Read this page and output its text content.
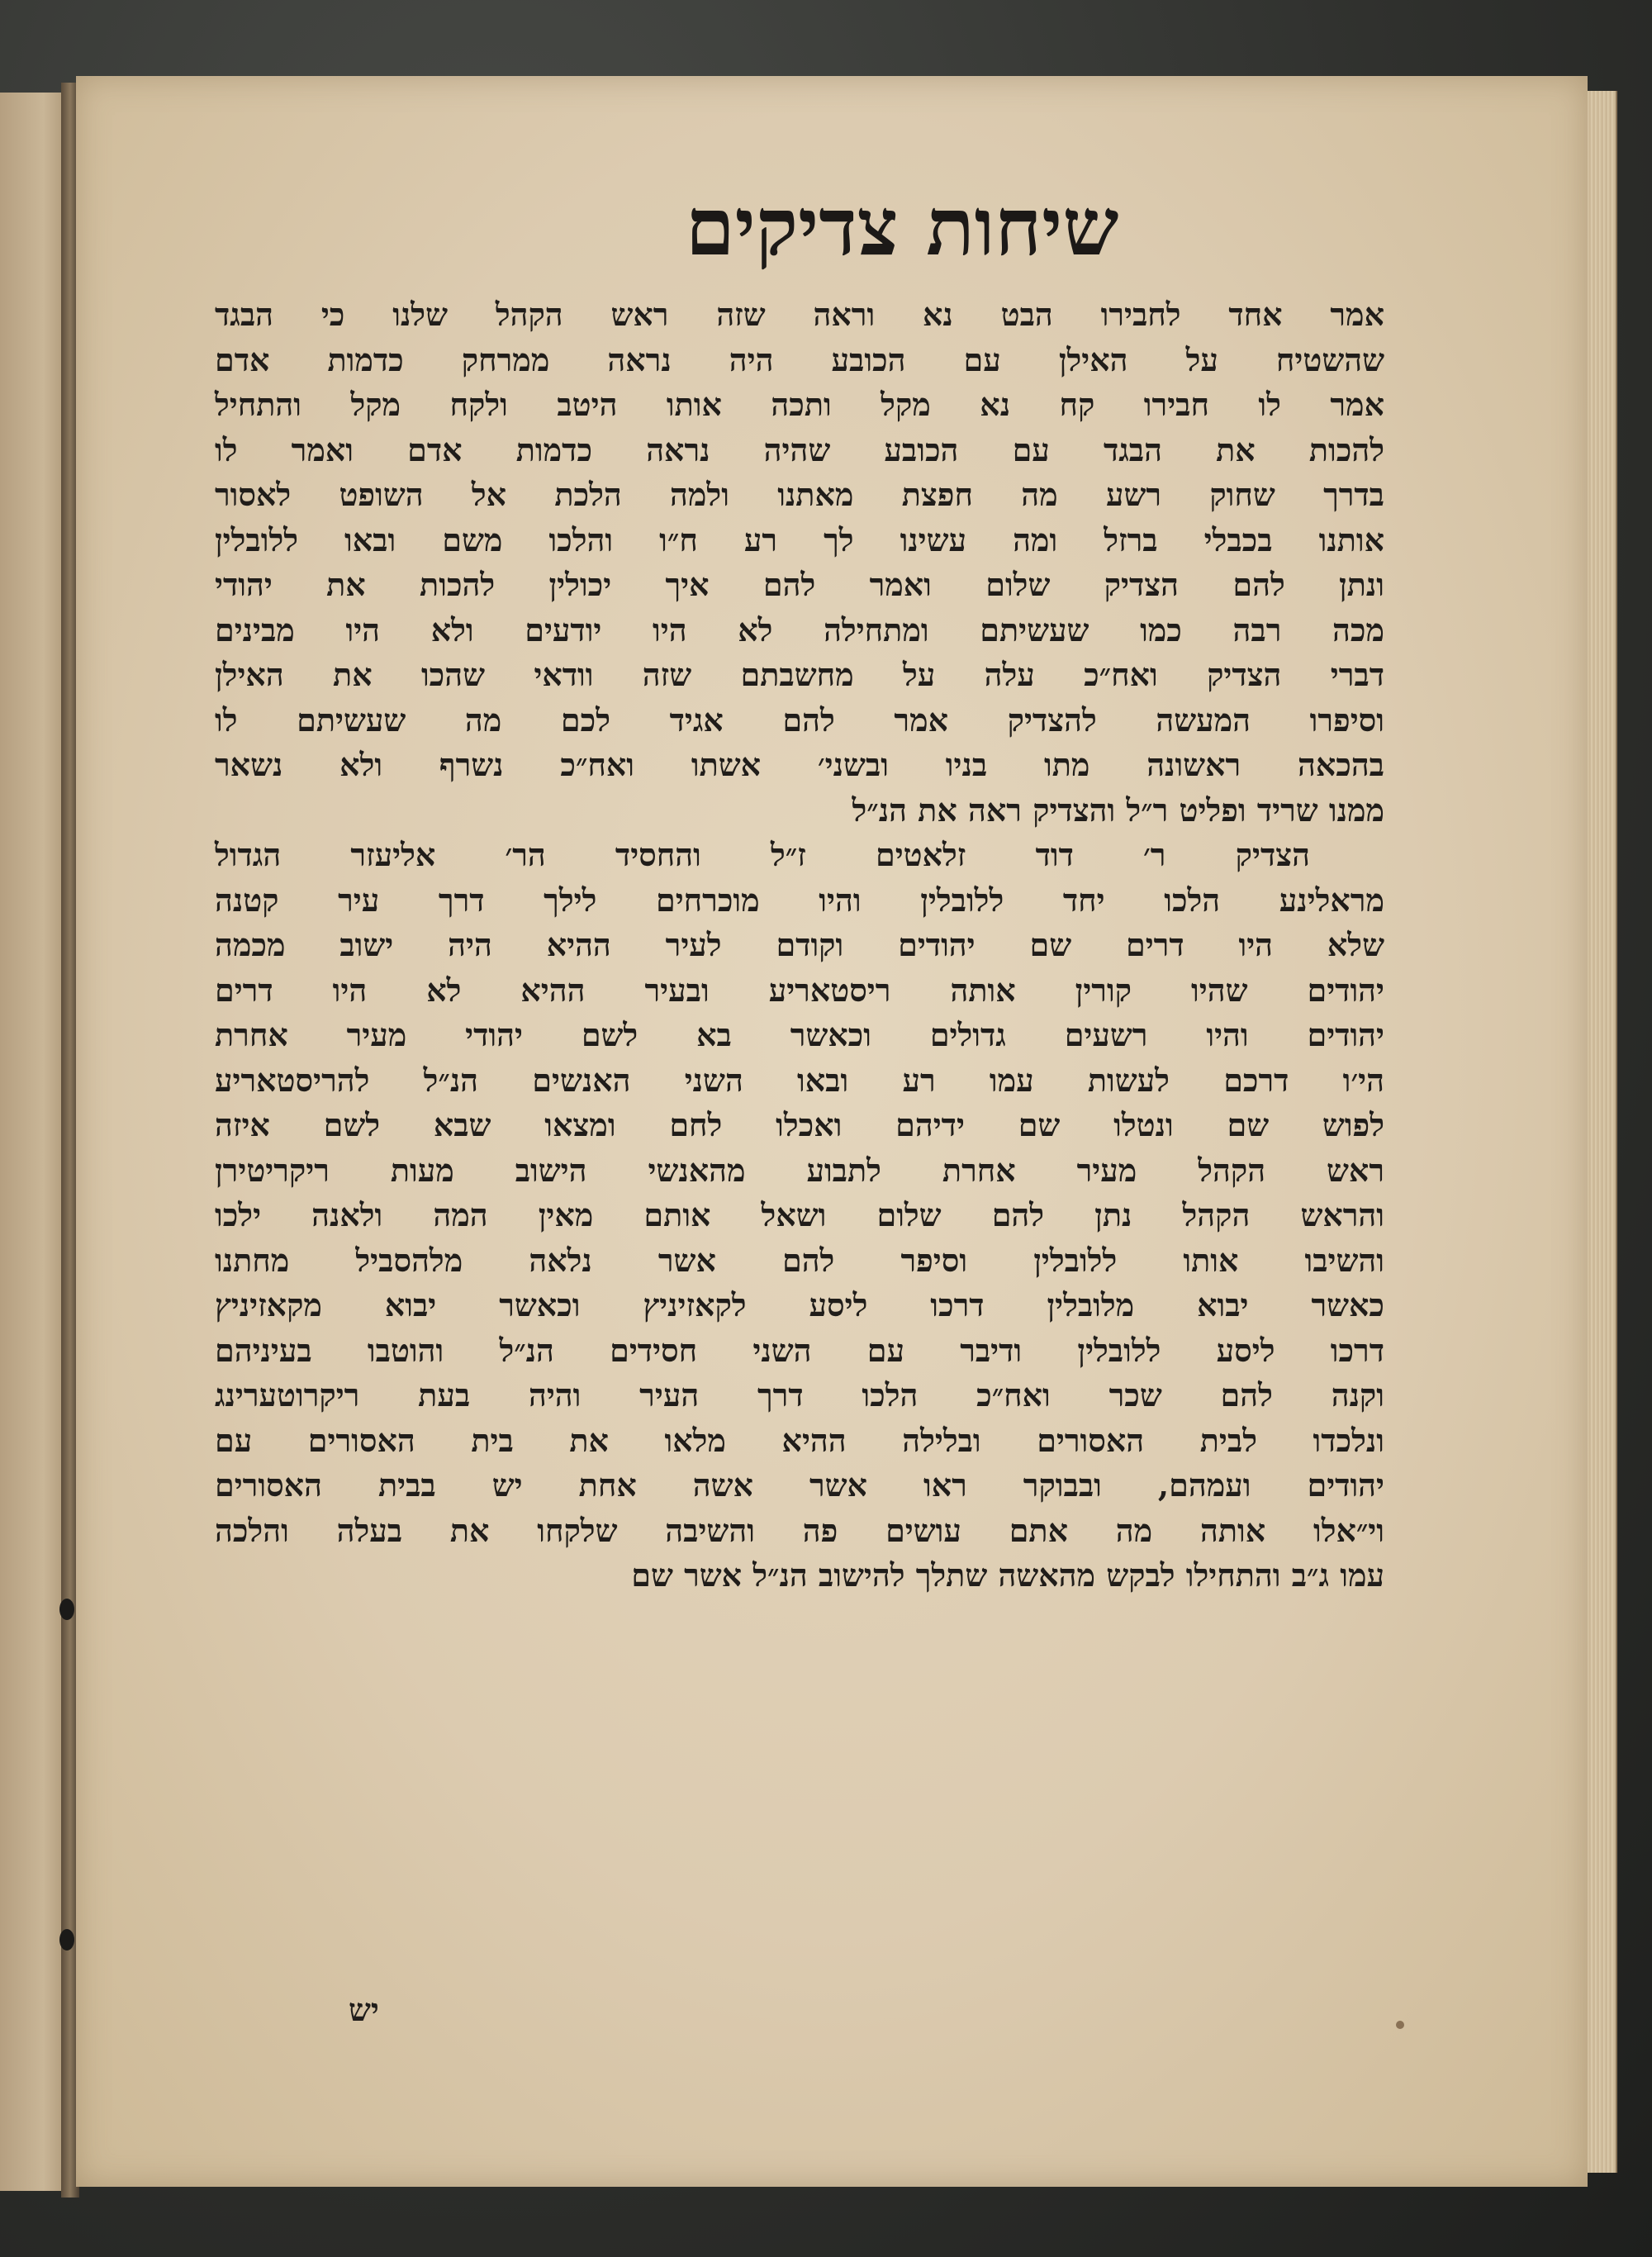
שיחות צדיקים
אמר אחד לחבירו הבט נא וראה שזה ראש הקהל שלנו כי הבגד
שהשטיח על האילן עם הכובע היה נראה ממרחק כדמות אדם
אמר לו חבירו קח נא מקל ותכה אותו היטב ולקח מקל והתחיל
להכות את הבגד עם הכובע שהיה נראה כדמות אדם ואמר לו
בדרך שחוק רשע מה חפצת מאתנו ולמה הלכת אל השופט לאסור
אותנו בכבלי ברזל ומה עשינו לך רע ח״ו והלכו משם ובאו ללובלין
ונתן להם הצדיק שלום ואמר להם איך יכולין להכות את יהודי
מכה רבה כמו שעשיתם ומתחילה לא היו יודעים ולא היו מבינים
דברי הצדיק ואח״כ עלה על מחשבתם שזה וודאי שהכו את האילן
וסיפרו המעשה להצדיק אמר להם אגיד לכם מה שעשיתם לו
בהכאה ראשונה מתו בניו ובשני׳ אשתו ואח״כ נשרף ולא נשאר
ממנו שריד ופליט ר״ל והצדיק ראה את הנ״ל
הצדיק ר׳ דוד זלאטים ז״ל והחסיד הר׳ אליעזר הגדול
מראלינע הלכו יחד ללובלין והיו מוכרחים לילך דרך עיר קטנה
שלא היו דרים שם יהודים וקודם לעיר ההיא היה ישוב מכמה
יהודים שהיו קורין אותה ריסטאריע ובעיר ההיא לא היו דרים
יהודים והיו רשעים גדולים וכאשר בא לשם יהודי מעיר אחרת
הי׳ו דרכם לעשות עמו רע ובאו השני האנשים הנ״ל להריסטאריע
לפוש שם ונטלו שם ידיהם ואכלו לחם ומצאו שבא לשם איזה
ראש הקהל מעיר אחרת לתבוע מהאנשי הישוב מעות ריקריטירן
והראש הקהל נתן להם שלום ושאל אותם מאין המה ולאנה ילכו
והשיבו אותו ללובלין וסיפר להם אשר נלאה מלהסביל מחתנו
כאשר יבוא מלובלין דרכו ליסע לקאזיניץ וכאשר יבוא מקאזיניץ
דרכו ליסע ללובלין ודיבר עם השני חסידים הנ״ל והוטבו בעיניהם
וקנה להם שכר ואח״כ הלכו דרך העיר והיה בעת ריקרוטערינג
ונלכדו לבית האסורים ובלילה ההיא מלאו את בית האסורים עם
יהודים ועמהם, ובבוקר ראו אשר אשה אחת יש בבית האסורים
וי״אלו אותה מה אתם עושים פה והשיבה שלקחו את בעלה והלכה
עמו ג״ב והתחילו לבקש מהאשה שתלך להישוב הנ״ל אשר שם
יש
